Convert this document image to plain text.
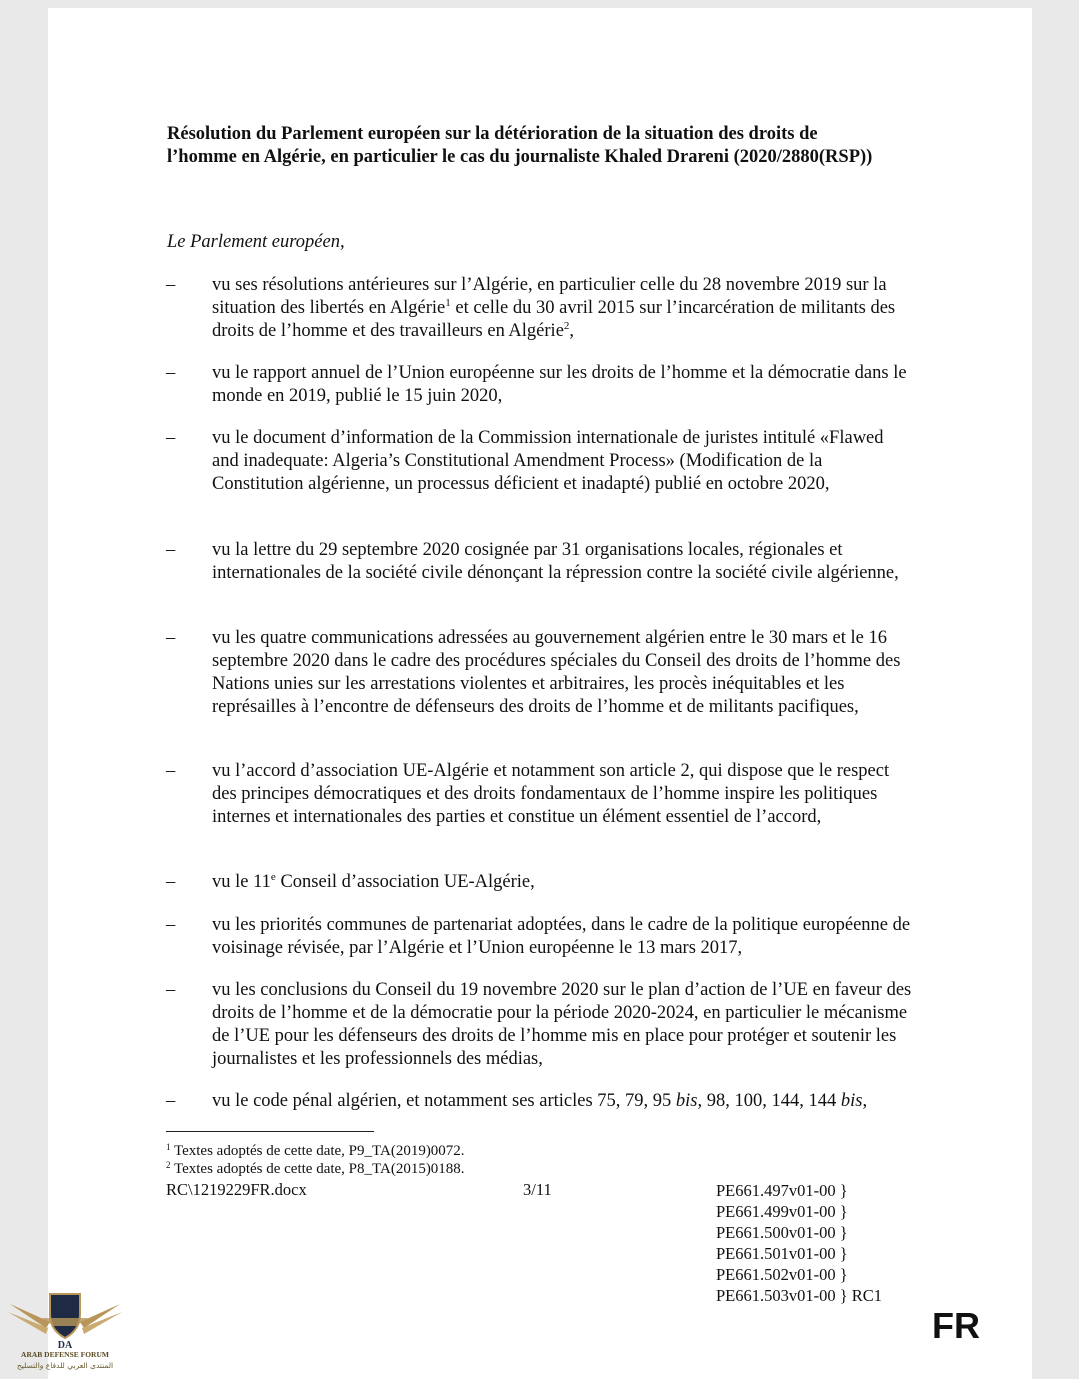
Résolution du Parlement européen sur la détérioration de la situation des droits de l’homme en Algérie, en particulier le cas du journaliste Khaled Drareni (2020/2880(RSP))
Le Parlement européen,
–	vu ses résolutions antérieures sur l’Algérie, en particulier celle du 28 novembre 2019 sur la situation des libertés en Algérie$^1$ et celle du 30 avril 2015 sur l’incarcération de militants des droits de l’homme et des travailleurs en Algérie$^2$,
–	vu le rapport annuel de l’Union européenne sur les droits de l’homme et la démocratie dans le monde en 2019, publié le 15 juin 2020,
–	vu le document d’information de la Commission internationale de juristes intitulé «Flawed and inadequate: Algeria’s Constitutional Amendment Process» (Modification de la Constitution algérienne, un processus déficient et inadapté) publié en octobre 2020,
–	vu la lettre du 29 septembre 2020 cosignée par 31 organisations locales, régionales et internationales de la société civile dénonçant la répression contre la société civile algérienne,
–	vu les quatre communications adressées au gouvernement algérien entre le 30 mars et le 16 septembre 2020 dans le cadre des procédures spéciales du Conseil des droits de l’homme des Nations unies sur les arrestations violentes et arbitraires, les procès inéquitables et les représailles à l’encontre de défenseurs des droits de l’homme et de militants pacifiques,
–	vu l’accord d’association UE-Algérie et notamment son article 2, qui dispose que le respect des principes démocratiques et des droits fondamentaux de l’homme inspire les politiques internes et internationales des parties et constitue un élément essentiel de l’accord,
–	vu le 11e Conseil d’association UE-Algérie,
–	vu les priorités communes de partenariat adoptées, dans le cadre de la politique européenne de voisinage révisée, par l’Algérie et l’Union européenne le 13 mars 2017,
–	vu les conclusions du Conseil du 19 novembre 2020 sur le plan d’action de l’UE en faveur des droits de l’homme et de la démocratie pour la période 2020-2024, en particulier le mécanisme de l’UE pour les défenseurs des droits de l’homme mis en place pour protéger et soutenir les journalistes et les professionnels des médias,
–	vu le code pénal algérien, et notamment ses articles 75, 79, 95 bis, 98, 100, 144, 144 bis,
$^1$ Textes adoptés de cette date, P9_TA(2019)0072.
$^2$ Textes adoptés de cette date, P8_TA(2015)0188.
RC\1219229FR.docx	3/11	PE661.497v01-00 }
PE661.499v01-00 }
PE661.500v01-00 }
PE661.501v01-00 }
PE661.502v01-00 }
PE661.503v01-00 } RC1
FR
DA
ARAB DEFENSE FORUM
المنتدى العربي للدفاع والتسليح
